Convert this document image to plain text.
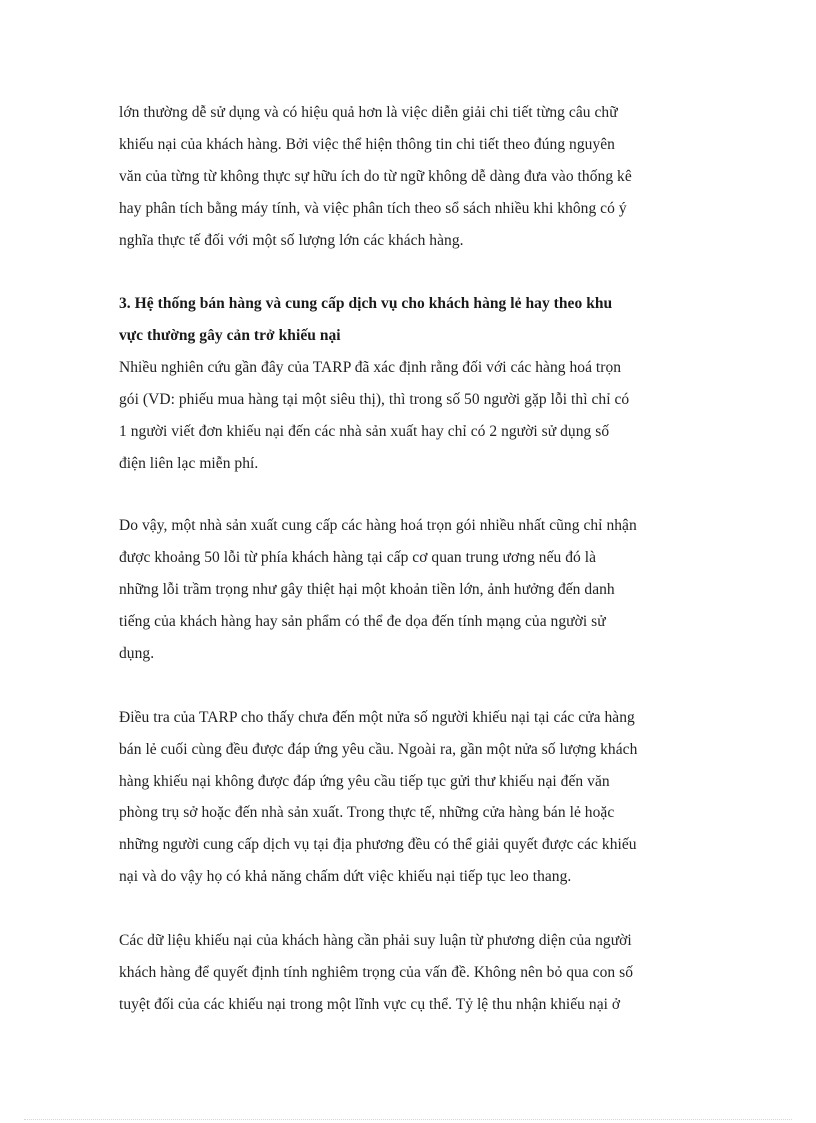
lớn thường dễ sử dụng và có hiệu quả hơn là việc diễn giải chi tiết từng câu chữ
khiếu nại của khách hàng. Bởi việc thể hiện thông tin chi tiết theo đúng nguyên
văn của từng từ không thực sự hữu ích do từ ngữ không dễ dàng đưa vào thống kê
hay phân tích bằng máy tính, và việc phân tích theo sổ sách nhiều khi không có ý
nghĩa thực tế đối với một số lượng lớn các khách hàng.
3. Hệ thống bán hàng và cung cấp dịch vụ cho khách hàng lẻ hay theo khu
vực thường gây cản trở khiếu nại
Nhiều nghiên cứu gần đây của TARP đã xác định rằng đối với các hàng hoá trọn
gói (VD: phiếu mua hàng tại một siêu thị), thì trong số 50 người gặp lỗi thì chỉ có
1 người viết đơn khiếu nại đến các nhà sản xuất hay chỉ có 2 người sử dụng số
điện liên lạc miễn phí.
Do vậy, một nhà sản xuất cung cấp các hàng hoá trọn gói nhiều nhất cũng chỉ nhận
được khoảng 50 lỗi từ phía khách hàng tại cấp cơ quan trung ương nếu đó là
những lỗi trầm trọng như gây thiệt hại một khoản tiền lớn, ảnh hưởng đến danh
tiếng của khách hàng hay sản phẩm có thể đe dọa đến tính mạng của người sử
dụng.
Điều tra của TARP cho thấy chưa đến một nửa số người khiếu nại tại các cửa hàng
bán lẻ cuối cùng đều được đáp ứng yêu cầu. Ngoài ra, gần một nửa số lượng khách
hàng khiếu nại không được đáp ứng yêu cầu tiếp tục gửi thư khiếu nại đến văn
phòng trụ sở hoặc đến nhà sản xuất. Trong thực tế, những cửa hàng bán lẻ hoặc
những người cung cấp dịch vụ tại địa phương đều có thể giải quyết được các khiếu
nại và do vậy họ có khả năng chấm dứt việc khiếu nại tiếp tục leo thang.
Các dữ liệu khiếu nại của khách hàng cần phải suy luận từ phương diện của người
khách hàng để quyết định tính nghiêm trọng của vấn đề. Không nên bỏ qua con số
tuyệt đối của các khiếu nại trong một lĩnh vực cụ thể. Tỷ lệ thu nhận khiếu nại ở
